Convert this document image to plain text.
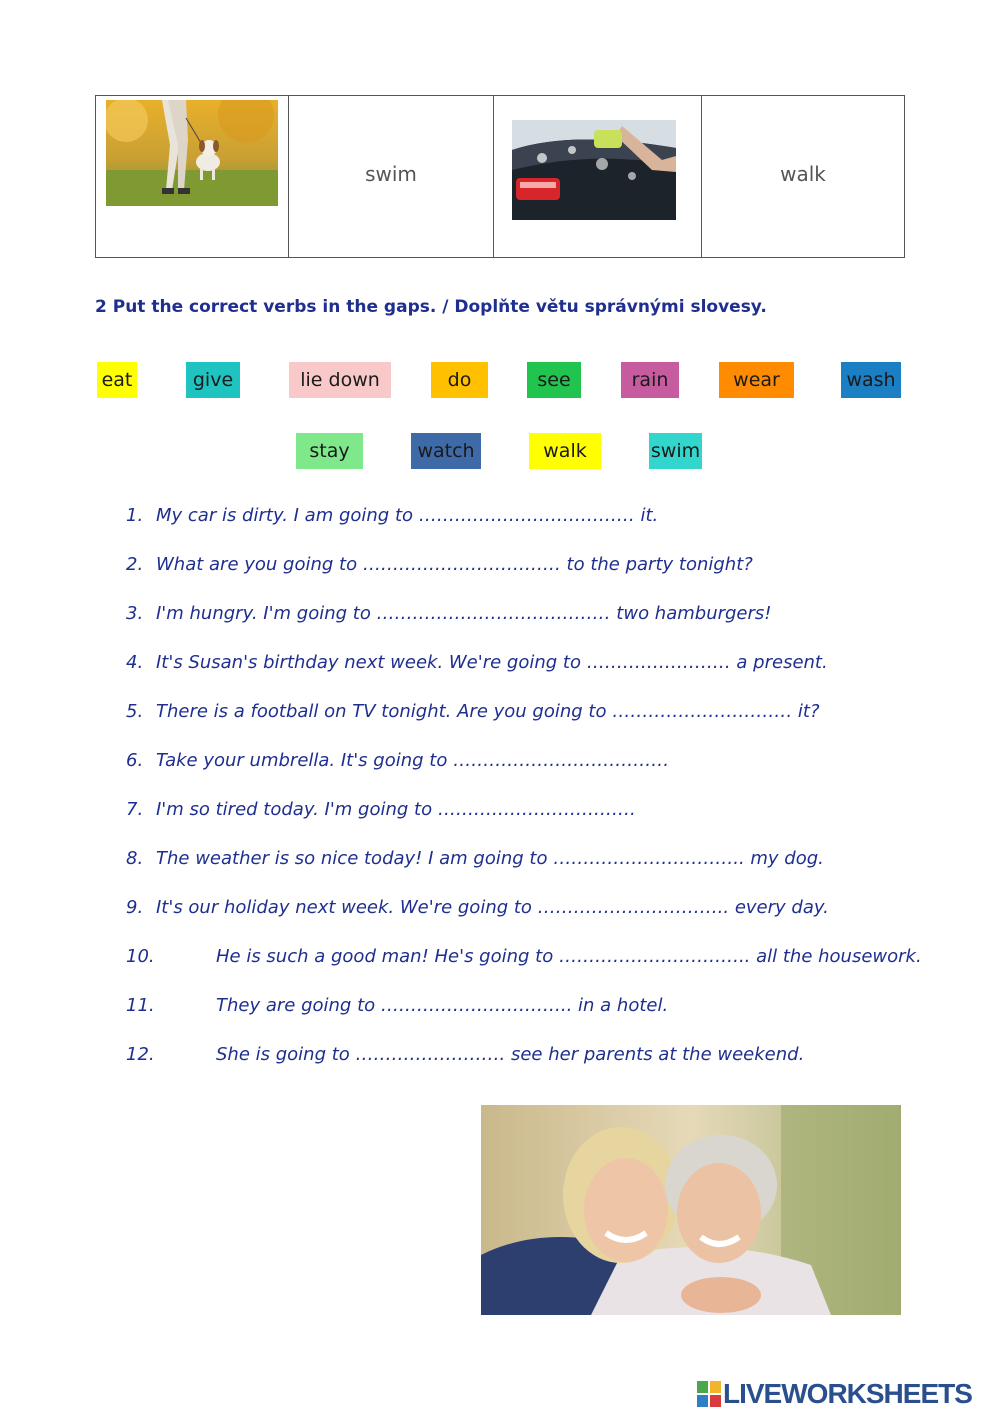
swim	walk
2 Put the correct verbs in the gaps. / Doplňte větu správnými slovesy.
eat	give	lie down	do	see	rain	wear	wash
stay	watch	walk	swim
1. My car is dirty. I am going to ……………………………… it.
2. What are you going to …………………………… to the party tonight?
3. I'm hungry. I'm going to ………………………………… two hamburgers!
4. It's Susan's birthday next week. We're going to …………………… a present.
5. There is a football on TV tonight. Are you going to ………………………… it?
6. Take your umbrella. It's going to ………………………………
7. I'm so tired today. I'm going to ……………………………
8. The weather is so nice today! I am going to ………………………….. my dog.
9. It's our holiday next week. We're going to ………………………….. every day.
10.	He is such a good man! He's going to ………………………….. all the housework.
11.	They are going to ………………………….. in a hotel.
12.	She is going to ……………………. see her parents at the weekend.
LIVEWORKSHEETS
